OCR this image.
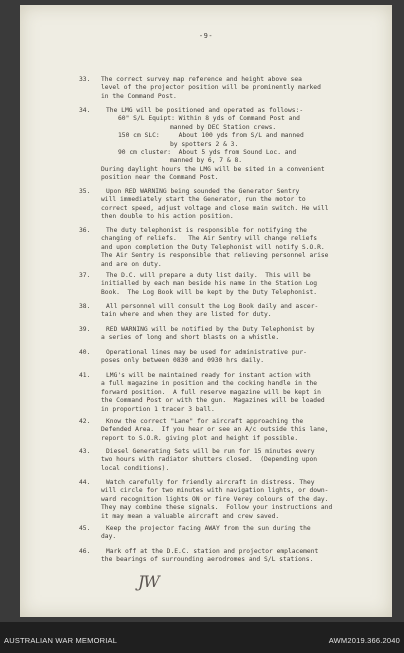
-9-
33. The correct survey map reference and height above sea
level of the projector position will be prominently marked
in the Command Post.
34. The LMG will be positioned and operated as follows:-
60" S/L Equipt: Within 8 yds of Command Post and
manned by DEC Station crews.
150 cm SLC:     About 100 yds from S/L and manned
by spotters 2 & 3.
90 cm cluster:  About 5 yds from Sound Loc. and
manned by 6, 7 & 8.
During daylight hours the LMG will be sited in a convenient
position near the Command Post.
35. Upon RED WARNING being sounded the Generator Sentry
will immediately start the Generator, run the motor to
correct speed, adjust voltage and close main switch. He will
then double to his action position.
36. The duty telephonist is responsible for notifying the
changing of reliefs.   The Air Sentry will change reliefs
and upon completion the Duty Telephonist will notify S.O.R.
The Air Sentry is responsible that relieving personnel arise
and are on duty.
37. The D.C. will prepare a duty list daily.  This will be
initialled by each man beside his name in the Station Log
Book.  The Log Book will be kept by the Duty Telephonist.
38. All personnel will consult the Log Book daily and ascer-
tain where and when they are listed for duty.
39. RED WARNING will be notified by the Duty Telephonist by
a series of long and short blasts on a whistle.
40. Operational lines may be used for administrative pur-
poses only between 0830 and 0930 hrs daily.
41. LMG's will be maintained ready for instant action with
a full magazine in position and the cocking handle in the
forward position.  A full reserve magazine will be kept in
the Command Post or with the gun.  Magazines will be loaded
in proportion 1 tracer 3 ball.
42. Know the correct "Lane" for aircraft approaching the
Defended Area.  If you hear or see an A/c outside this lane,
report to S.O.R. giving plot and height if possible.
43. Diesel Generating Sets will be run for 15 minutes every
two hours with radiator shutters closed.  (Depending upon
local conditions).
44. Watch carefully for friendly aircraft in distress. They
will circle for two minutes with navigation lights, or down-
ward recognition lights ON or fire Verey colours of the day.
They may combine these signals.  Follow your instructions and
it may mean a valuable aircraft and crew saved.
45. Keep the projector facing AWAY from the sun during the
day.
46. Mark off at the D.E.C. station and projector emplacement
the bearings of surrounding aerodromes and S/L stations.
JW
AUSTRALIAN WAR MEMORIAL	AWM2019.366.2040
